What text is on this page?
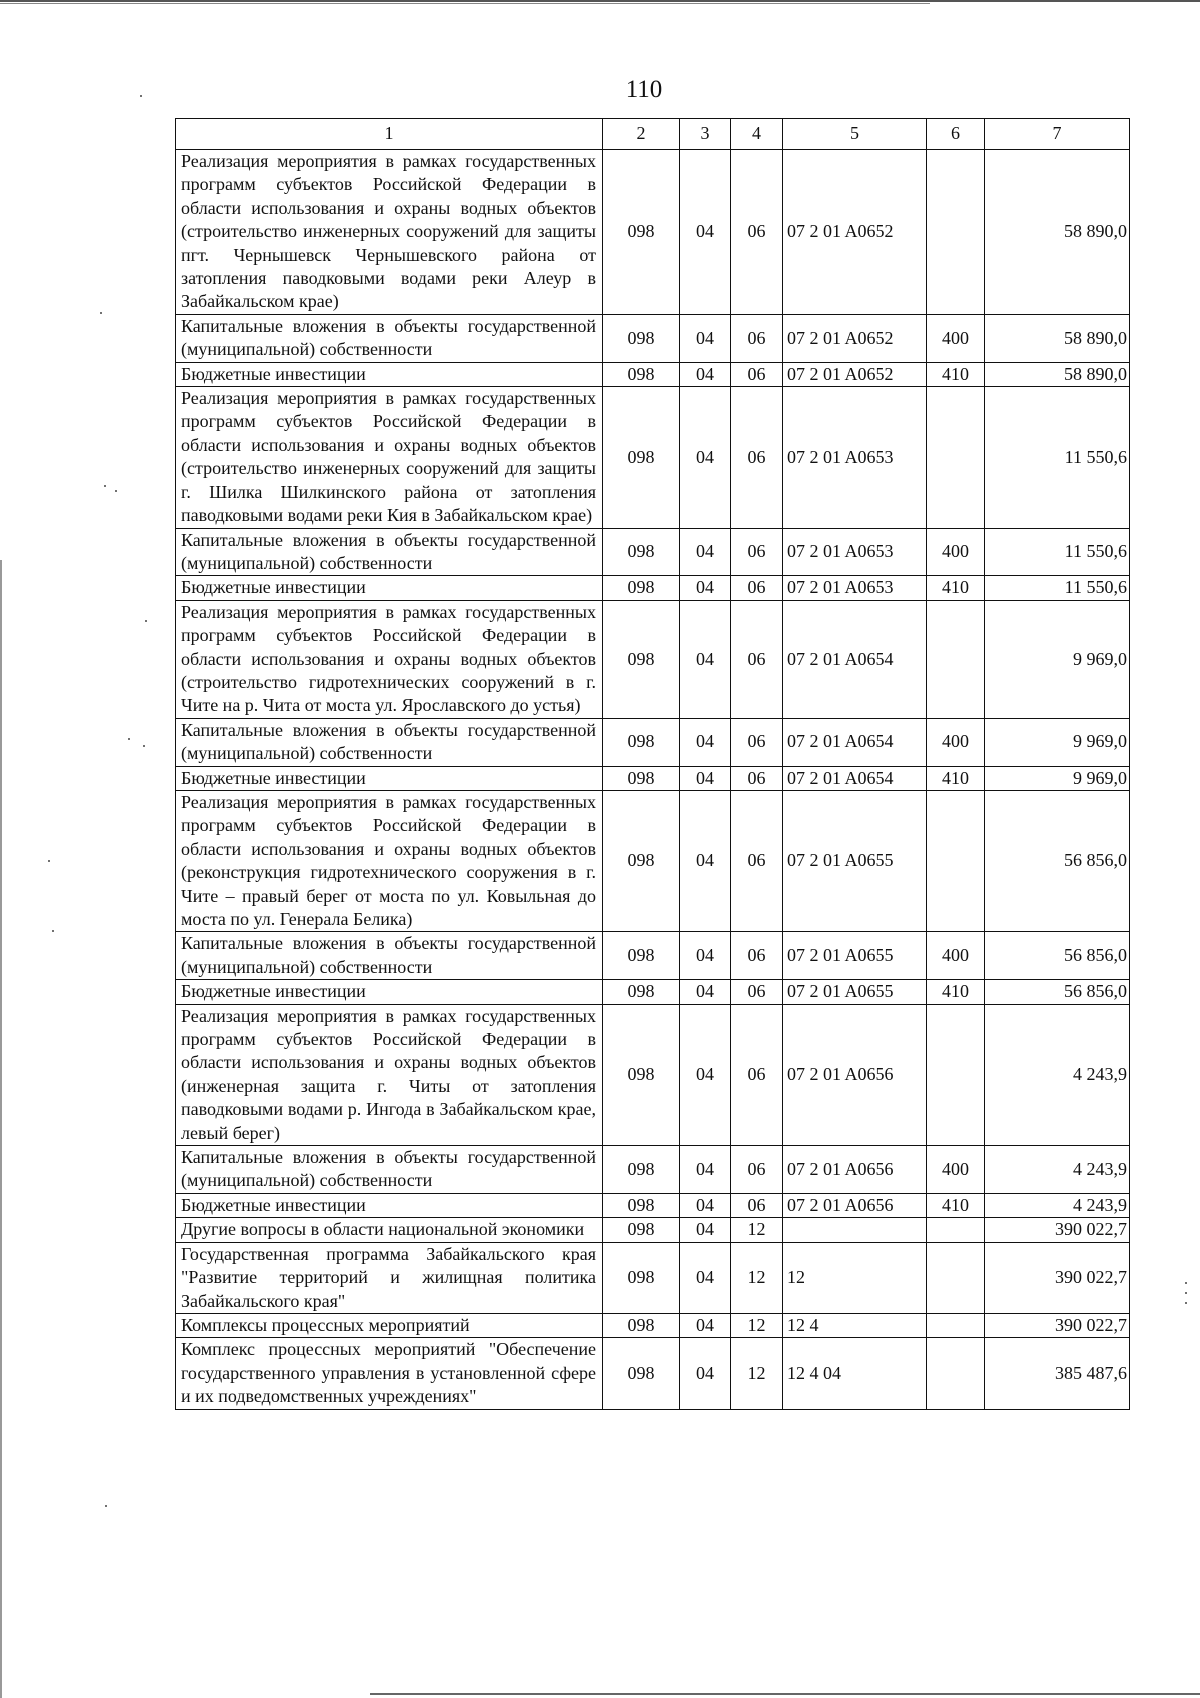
110
1	2	3	4	5	6	7
Реализация мероприятия в рамках государственных программ субъектов Российской Федерации в области использования и охраны водных объектов (строительство инженерных сооружений для защиты пгт. Чернышевск Чернышевского района от затопления паводковыми водами реки Алеур в Забайкальском крае)	098	04	06	07 2 01 A0652		58 890,0
Капитальные вложения в объекты государственной (муниципальной) собственности	098	04	06	07 2 01 A0652	400	58 890,0
Бюджетные инвестиции	098	04	06	07 2 01 A0652	410	58 890,0
Реализация мероприятия в рамках государственных программ субъектов Российской Федерации в области использования и охраны водных объектов (строительство инженерных сооружений для защиты г. Шилка Шилкинского района от затопления паводковыми водами реки Кия в Забайкальском крае)	098	04	06	07 2 01 A0653		11 550,6
Капитальные вложения в объекты государственной (муниципальной) собственности	098	04	06	07 2 01 A0653	400	11 550,6
Бюджетные инвестиции	098	04	06	07 2 01 A0653	410	11 550,6
Реализация мероприятия в рамках государственных программ субъектов Российской Федерации в области использования и охраны водных объектов (строительство гидротехнических сооружений в г. Чите на р. Чита от моста ул. Ярославского до устья)	098	04	06	07 2 01 A0654		9 969,0
Капитальные вложения в объекты государственной (муниципальной) собственности	098	04	06	07 2 01 A0654	400	9 969,0
Бюджетные инвестиции	098	04	06	07 2 01 A0654	410	9 969,0
Реализация мероприятия в рамках государственных программ субъектов Российской Федерации в области использования и охраны водных объектов (реконструкция гидротехнического сооружения в г. Чите – правый берег от моста по ул. Ковыльная до моста по ул. Генерала Белика)	098	04	06	07 2 01 A0655		56 856,0
Капитальные вложения в объекты государственной (муниципальной) собственности	098	04	06	07 2 01 A0655	400	56 856,0
Бюджетные инвестиции	098	04	06	07 2 01 A0655	410	56 856,0
Реализация мероприятия в рамках государственных программ субъектов Российской Федерации в области использования и охраны водных объектов (инженерная защита г. Читы от затопления паводковыми водами р. Ингода в Забайкальском крае, левый берег)	098	04	06	07 2 01 A0656		4 243,9
Капитальные вложения в объекты государственной (муниципальной) собственности	098	04	06	07 2 01 A0656	400	4 243,9
Бюджетные инвестиции	098	04	06	07 2 01 A0656	410	4 243,9
Другие вопросы в области национальной экономики	098	04	12			390 022,7
Государственная программа Забайкальского края "Развитие территорий и жилищная политика Забайкальского края"	098	04	12	12		390 022,7
Комплексы процессных мероприятий	098	04	12	12 4		390 022,7
Комплекс процессных мероприятий "Обеспечение государственного управления в установленной сфере и их подведомственных учреждениях"	098	04	12	12 4 04		385 487,6
